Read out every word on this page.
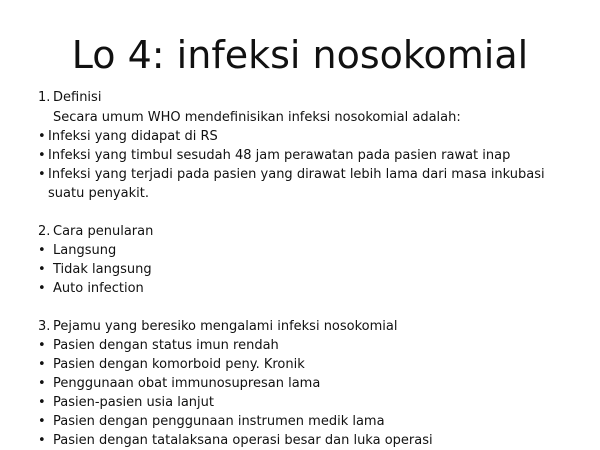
Lo 4: infeksi nosokomial
1. Definisi
Secara umum WHO mendefinisikan infeksi nosokomial adalah:
• Infeksi yang didapat di RS
• Infeksi yang timbul sesudah 48 jam perawatan pada pasien rawat inap
• Infeksi yang terjadi pada pasien yang dirawat lebih lama dari masa inkubasi suatu penyakit.
2. Cara penularan
• Langsung
• Tidak langsung
• Auto infection
3. Pejamu yang beresiko mengalami infeksi nosokomial
• Pasien dengan status imun rendah
• Pasien dengan komorboid peny. Kronik
• Penggunaan obat immunosupresan lama
• Pasien-pasien usia lanjut
• Pasien dengan penggunaan instrumen medik lama
• Pasien dengan tatalaksana operasi besar dan luka operasi
